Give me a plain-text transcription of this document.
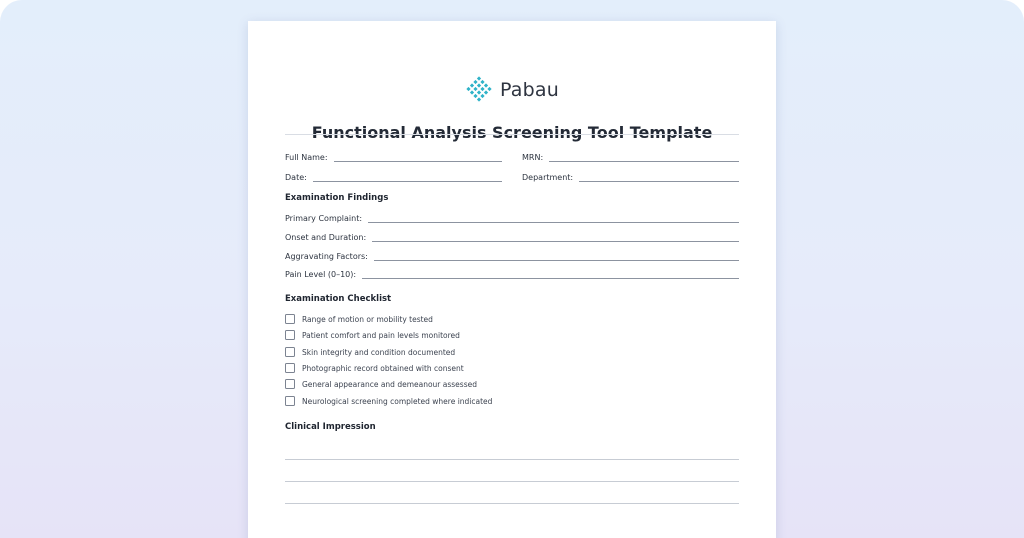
Pabau
Functional Analysis Screening Tool Template
Full Name:	MRN:
Date:	Department:
Examination Findings
Primary Complaint:
Onset and Duration:
Aggravating Factors:
Pain Level (0–10):
Examination Checklist
Range of motion or mobility tested
Patient comfort and pain levels monitored
Skin integrity and condition documented
Photographic record obtained with consent
General appearance and demeanour assessed
Neurological screening completed where indicated
Clinical Impression
